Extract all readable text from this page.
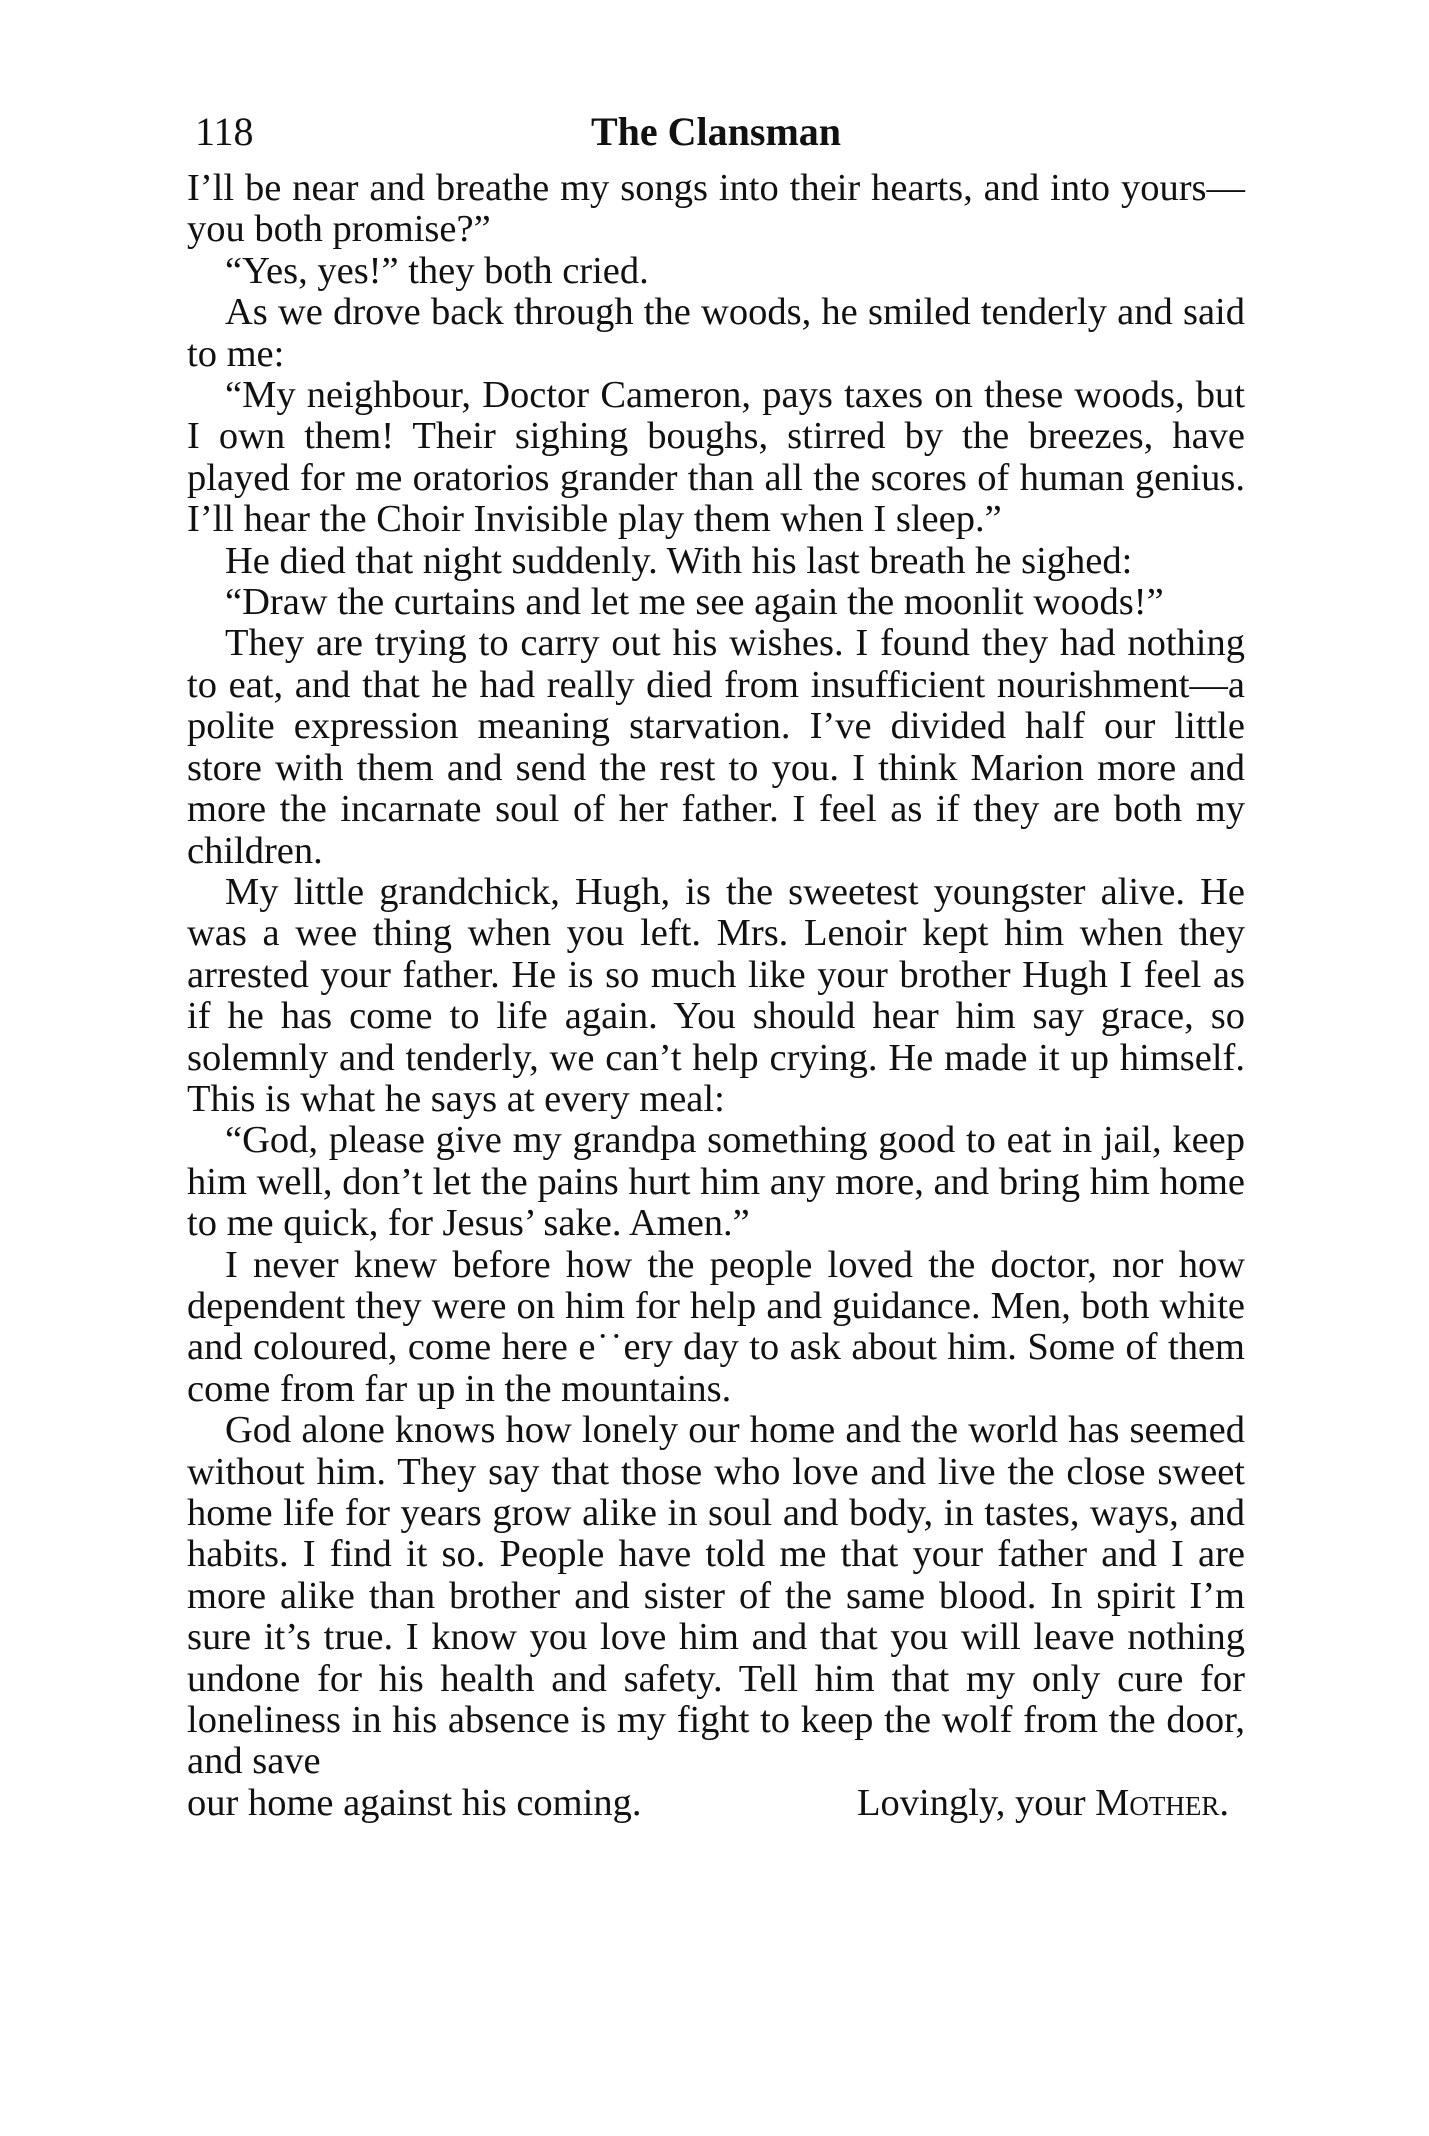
118	The Clansman

I’ll be near and breathe my songs into their hearts, and into yours—you both promise?”

“Yes, yes!” they both cried.

As we drove back through the woods, he smiled tenderly and said to me:

“My neighbour, Doctor Cameron, pays taxes on these woods, but I own them! Their sighing boughs, stirred by the breezes, have played for me oratorios grander than all the scores of human genius. I’ll hear the Choir Invisible play them when I sleep.”

He died that night suddenly. With his last breath he sighed:

“Draw the curtains and let me see again the moonlit woods!”

They are trying to carry out his wishes. I found they had nothing to eat, and that he had really died from insufficient nourishment—a polite expression meaning starvation. I’ve divided half our little store with them and send the rest to you. I think Marion more and more the incarnate soul of her father. I feel as if they are both my children.

My little grandchick, Hugh, is the sweetest youngster alive. He was a wee thing when you left. Mrs. Lenoir kept him when they arrested your father. He is so much like your brother Hugh I feel as if he has come to life again. You should hear him say grace, so solemnly and tenderly, we can’t help crying. He made it up himself. This is what he says at every meal:

“God, please give my grandpa something good to eat in jail, keep him well, don’t let the pains hurt him any more, and bring him home to me quick, for Jesus’ sake. Amen.”

I never knew before how the people loved the doctor, nor how dependent they were on him for help and guidance. Men, both white and coloured, come here e˙˙ery day to ask about him. Some of them come from far up in the mountains.

God alone knows how lonely our home and the world has seemed without him. They say that those who love and live the close sweet home life for years grow alike in soul and body, in tastes, ways, and habits. I find it so. People have told me that your father and I are more alike than brother and sister of the same blood. In spirit I’m sure it’s true. I know you love him and that you will leave nothing undone for his health and safety. Tell him that my only cure for loneliness in his absence is my fight to keep the wolf from the door, and save

our home against his coming.	Lovingly, your Mother.
